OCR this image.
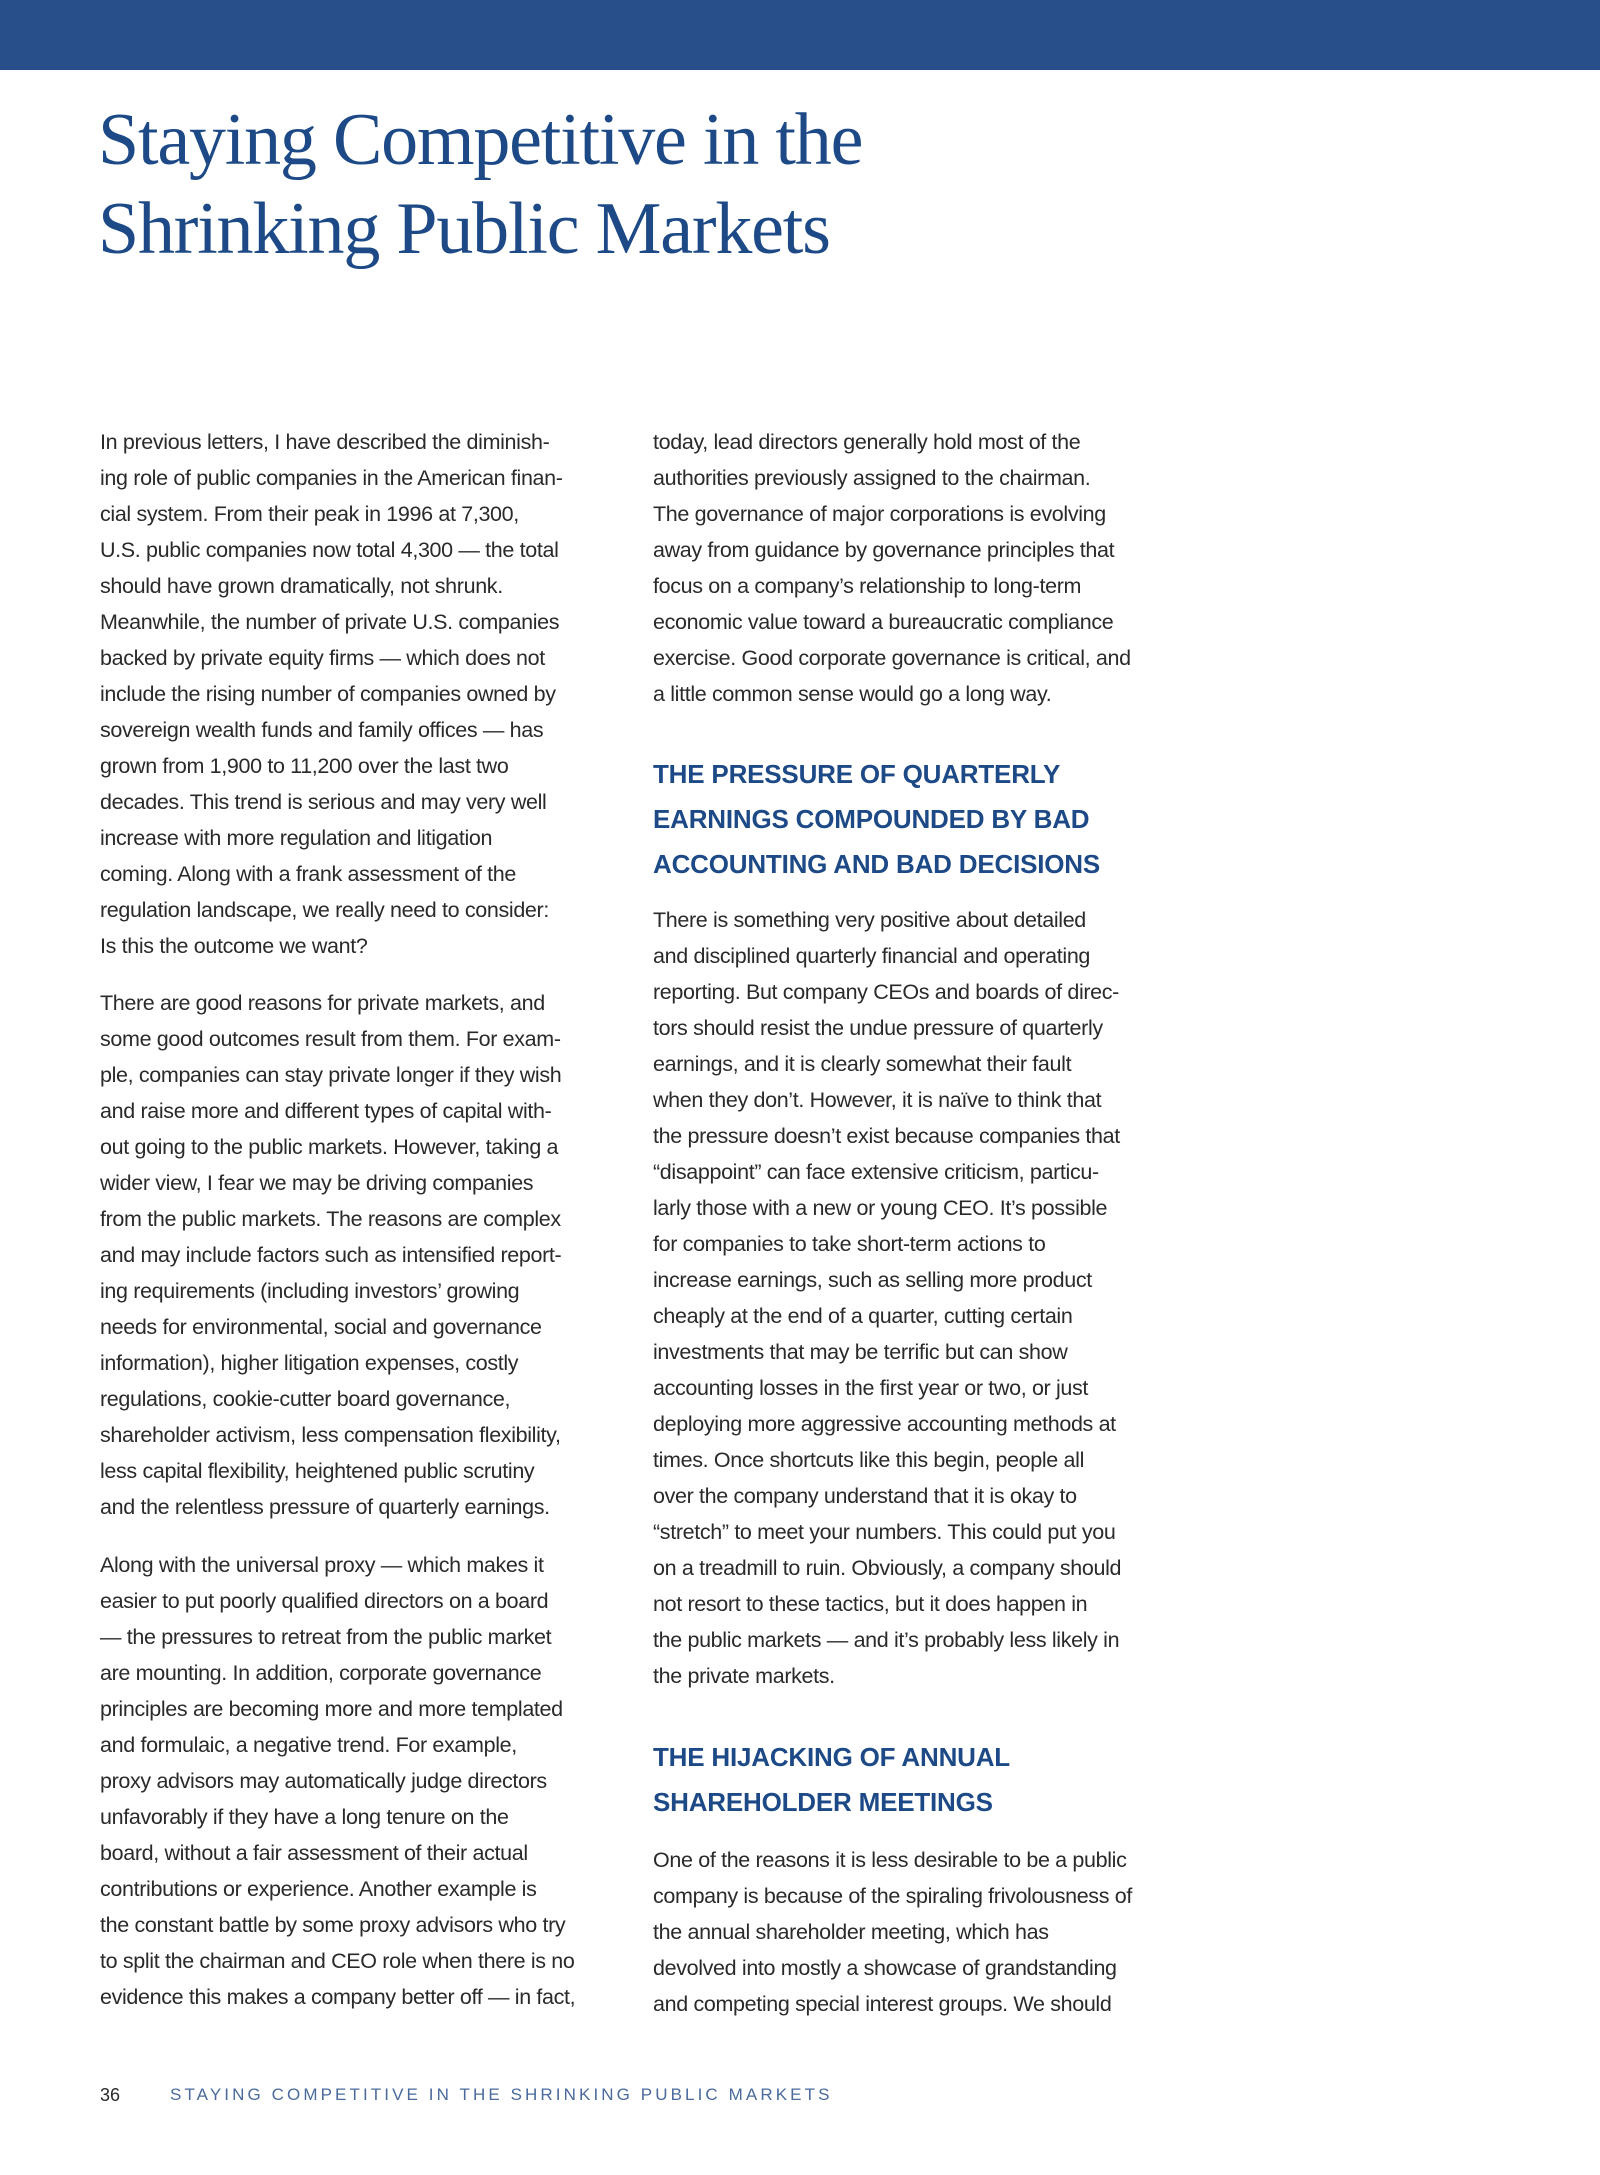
Staying Competitive in the
Shrinking Public Markets

In previous letters, I have described the diminish-
ing role of public companies in the American finan-
cial system. From their peak in 1996 at 7,300,
U.S. public companies now total 4,300 — the total
should have grown dramatically, not shrunk.
Meanwhile, the number of private U.S. companies
backed by private equity firms — which does not
include the rising number of companies owned by
sovereign wealth funds and family offices — has
grown from 1,900 to 11,200 over the last two
decades. This trend is serious and may very well
increase with more regulation and litigation
coming. Along with a frank assessment of the
regulation landscape, we really need to consider:
Is this the outcome we want?

There are good reasons for private markets, and
some good outcomes result from them. For exam-
ple, companies can stay private longer if they wish
and raise more and different types of capital with-
out going to the public markets. However, taking a
wider view, I fear we may be driving companies
from the public markets. The reasons are complex
and may include factors such as intensified report-
ing requirements (including investors’ growing
needs for environmental, social and governance
information), higher litigation expenses, costly
regulations, cookie-cutter board governance,
shareholder activism, less compensation flexibility,
less capital flexibility, heightened public scrutiny
and the relentless pressure of quarterly earnings.

Along with the universal proxy — which makes it
easier to put poorly qualified directors on a board
— the pressures to retreat from the public market
are mounting. In addition, corporate governance
principles are becoming more and more templated
and formulaic, a negative trend. For example,
proxy advisors may automatically judge directors
unfavorably if they have a long tenure on the
board, without a fair assessment of their actual
contributions or experience. Another example is
the constant battle by some proxy advisors who try
to split the chairman and CEO role when there is no
evidence this makes a company better off — in fact,

today, lead directors generally hold most of the
authorities previously assigned to the chairman.
The governance of major corporations is evolving
away from guidance by governance principles that
focus on a company’s relationship to long-term
economic value toward a bureaucratic compliance
exercise. Good corporate governance is critical, and
a little common sense would go a long way.

THE PRESSURE OF QUARTERLY
EARNINGS COMPOUNDED BY BAD
ACCOUNTING AND BAD DECISIONS

There is something very positive about detailed
and disciplined quarterly financial and operating
reporting. But company CEOs and boards of direc-
tors should resist the undue pressure of quarterly
earnings, and it is clearly somewhat their fault
when they don’t. However, it is naïve to think that
the pressure doesn’t exist because companies that
“disappoint” can face extensive criticism, particu-
larly those with a new or young CEO. It’s possible
for companies to take short-term actions to
increase earnings, such as selling more product
cheaply at the end of a quarter, cutting certain
investments that may be terrific but can show
accounting losses in the first year or two, or just
deploying more aggressive accounting methods at
times. Once shortcuts like this begin, people all
over the company understand that it is okay to
“stretch” to meet your numbers. This could put you
on a treadmill to ruin. Obviously, a company should
not resort to these tactics, but it does happen in
the public markets — and it’s probably less likely in
the private markets.

THE HIJACKING OF ANNUAL
SHAREHOLDER MEETINGS

One of the reasons it is less desirable to be a public
company is because of the spiraling frivolousness of
the annual shareholder meeting, which has
devolved into mostly a showcase of grandstanding
and competing special interest groups. We should

36	STAYING COMPETITIVE IN THE SHRINKING PUBLIC MARKETS
